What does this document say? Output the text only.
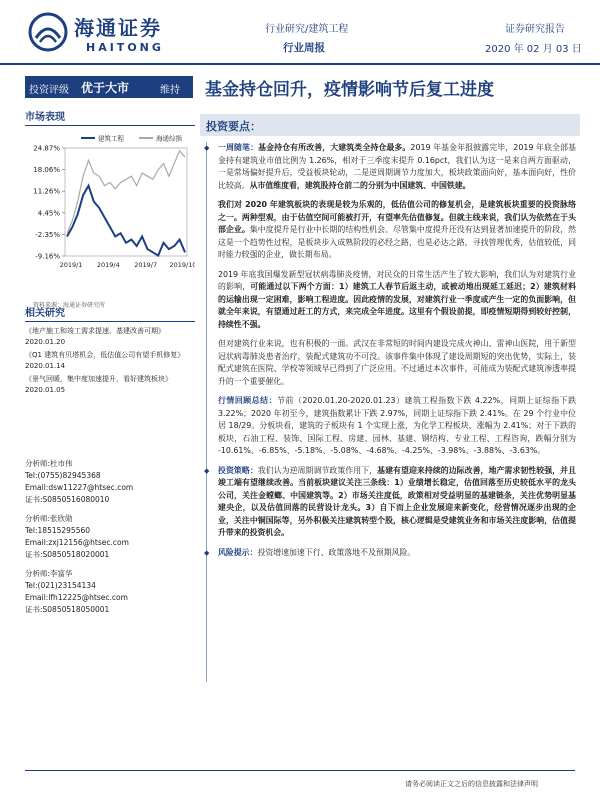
海通证券
HAITONG
行业研究/建筑工程
行业周报
证券研究报告
2020 年 02 月 03 日
投资评级 优于大市	维持 基金持仓回升，疫情影响节后复工进度
市场表现
24.87%
18.06%
11.26%
4.45%
-2.35%
-9.16%
2019/1 2019/4 2019/7 2019/10
建筑工程	海通综指
资料来源：海通证券研究所
相关研究
《地产施工和竣工需求提速，基建改善可期》2020.01.20
《Q1 建筑有贝塔机会，低估值公司有望手机修复》2020.01.14
《景气回暖，集中度加速提升，看好建筑板块》2020.01.05
分析师:杜市伟
Tel:(0755)82945368
Email:dsw11227@htsec.com
证书:S0850516080010
分析师:张欣勋
Tel:18515295560
Email:zxj12156@htsec.com
证书:S0850518020001
分析师:李富华
Tel:(021)23154134
Email:lfh12225@htsec.com
证书:S0850518050001
投资要点：

◆ 一周随笔：基金持仓有所改善，大建筑类全持仓最多。2019 年基金年报披露完毕，2019 年底全部基金持有建筑业市值比例为 1.26%，相对于三季度末提升 0.16pct，我们认为这一是来自两方面驱动，一是常场偏好提升后，受益板块轮动，二是逆周期调节力度加大，板块政策面向好，基本面向好，性价比较高。从市值维度看，建筑股持仓前二的分别为中国建筑、中国铁建。

我们对 2020 年建筑板块的表现是较为乐观的，低估值公司的修复机会，是建筑板块重要的投资脉络之一。两种型观，由于估值空间可能被打开，有望率先估值修复。但就主线来说，我们认为依然在于头部企业。集中度提升是行业中长期的结构性机会。尽管集中度提升还没有达到显著加速提升的阶段，然这是一个趋势性过程，是板块步入成熟阶段的必经之路，也是必达之路，寻找管理优秀，估值较低，同时能力较强的企业，做长期布局。

2019 年底我国爆发新型冠状病毒肺炎疫情，对民众的日常生活产生了较大影响，我们认为对建筑行业的影响，可能通过以下两个方面：1）建筑工人春节后返主动，或被动地出现延工延迟；2）建筑材料的运输出现一定困难，影响工程进度。因此疫情的发展，对建筑行业一季度或产生一定的负面影响，但就全年来说，有望通过赶工的方式，来完成全年进度。这里有个假设前提，即疫情短期得到较好控制，持续性不强。

但对建筑行业来说，也有积极的一面。武汉在非常短的时间内建设完成火神山、雷神山医院，用于新型冠状病毒肺炎患者治疗，装配式建筑功不可没。该事件集中体现了建设周期短的突出优势，实际上，装配式建筑在医院、学校等领域早已得到了广泛应用。不过通过本次事件，可能成为装配式建筑渗透率提升的一个重要催化。

行情回顾总结：节前（2020.01.20-2020.01.23）建筑工程指数下跌 4.22%，同期上证综指下跌 3.22%；2020 年初至今，建筑指数累计下跌 2.97%，同期上证综指下跌 2.41%。在 29 个行业中位居 18/29。分板块看，建筑的子板块有 1 个实现上涨，为化学工程板块，涨幅为 2.41%；对于下跌的板块，石油工程、装饰、国际工程、房建、园林、基建、钢结构、专业工程、工程咨询，跌幅分别为 -10.61%、-6.85%、-5.18%、-5.08%、-4.68%、-4.25%、-3.98%、-3.88%、-3.63%。

◆ 投资策略：我们认为逆周期调节政策作用下，基建有望迎来持续的边际改善，地产需求韧性较强，并且竣工端有望继续改善。当前板块建议关注三条线：1）业绩增长稳定，估值回落至历史较低水平的龙头公司，关注金螳螂、中国建筑等。2）市场关注度低，政策相对受益明显的基建链条，关注优势明显基建央企，以及估值回落的民营设计龙头。3）自下而上企业发展迎来新变化，经营情况逐步出现的企业，关注中铜国际等，另外积极关注建筑转型个股，核心逻辑是受建筑业务和市场关注度影响，估值提升带来的投资机会。

◆ 风险提示：投资增速加速下行、政策落地不及预期风险。

请务必阅读正文之后的信息披露和法律声明
